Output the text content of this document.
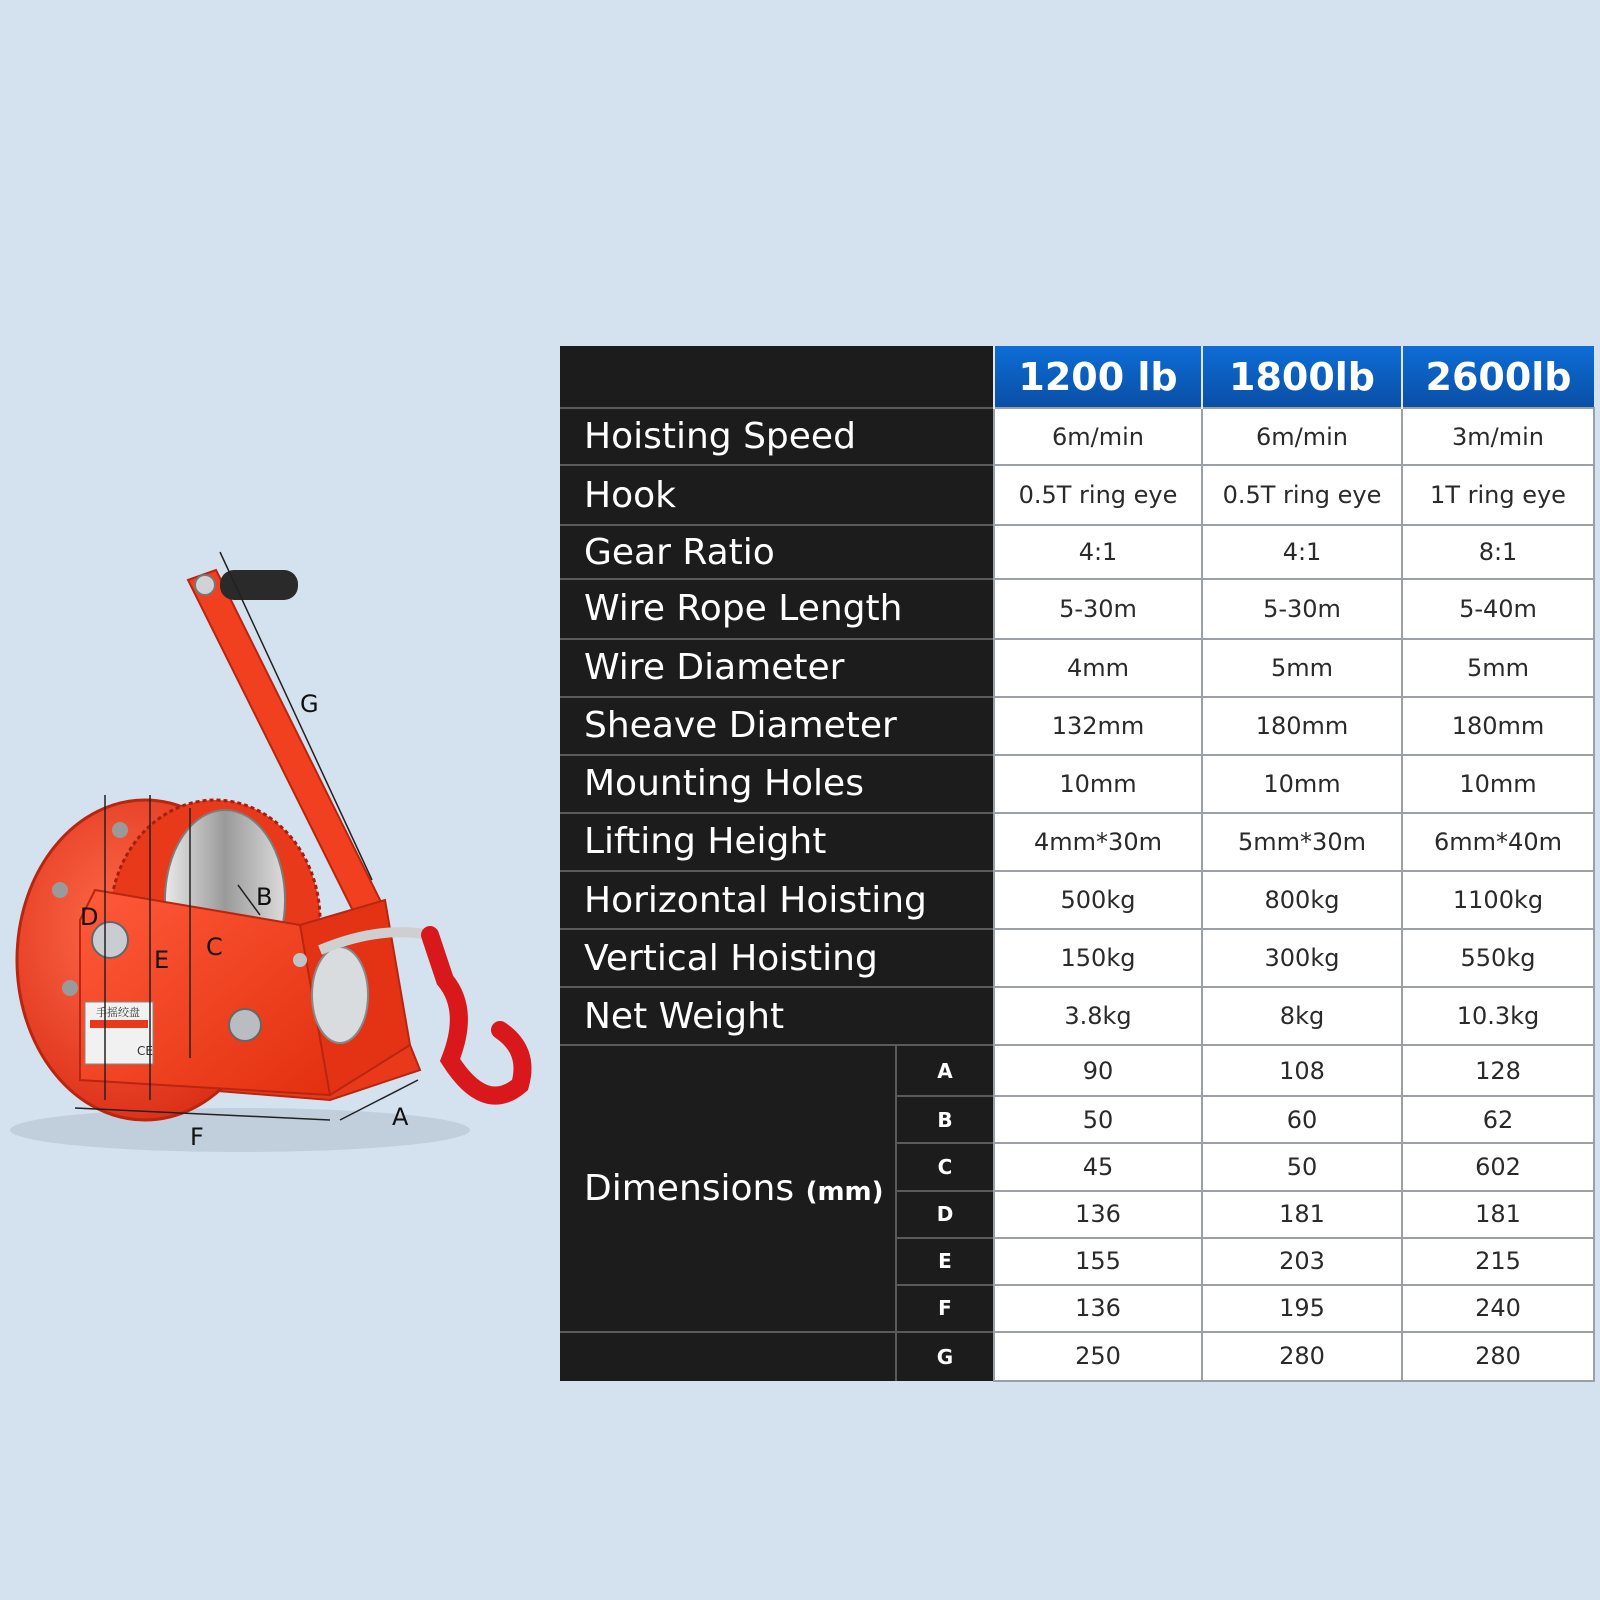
手摇绞盘
CE
G
B
D
C
E
F
A
		1200 lb	1800lb	2600lb
Hoisting Speed		6m/min	6m/min	3m/min
Hook		0.5T ring eye	0.5T ring eye	1T ring eye
Gear Ratio		4:1	4:1	8:1
Wire Rope Length		5-30m	5-30m	5-40m
Wire Diameter		4mm	5mm	5mm
Sheave Diameter		132mm	180mm	180mm
Mounting Holes		10mm	10mm	10mm
Lifting Height		4mm*30m	5mm*30m	6mm*40m
Horizontal Hoisting		500kg	800kg	1100kg
Vertical Hoisting		150kg	300kg	550kg
Net Weight		3.8kg	8kg	10.3kg
Dimensions (mm)	A	90	108	128
	B	50	60	62
	C	45	50	602
	D	136	181	181
	E	155	203	215
	F	136	195	240
	G	250	280	280
